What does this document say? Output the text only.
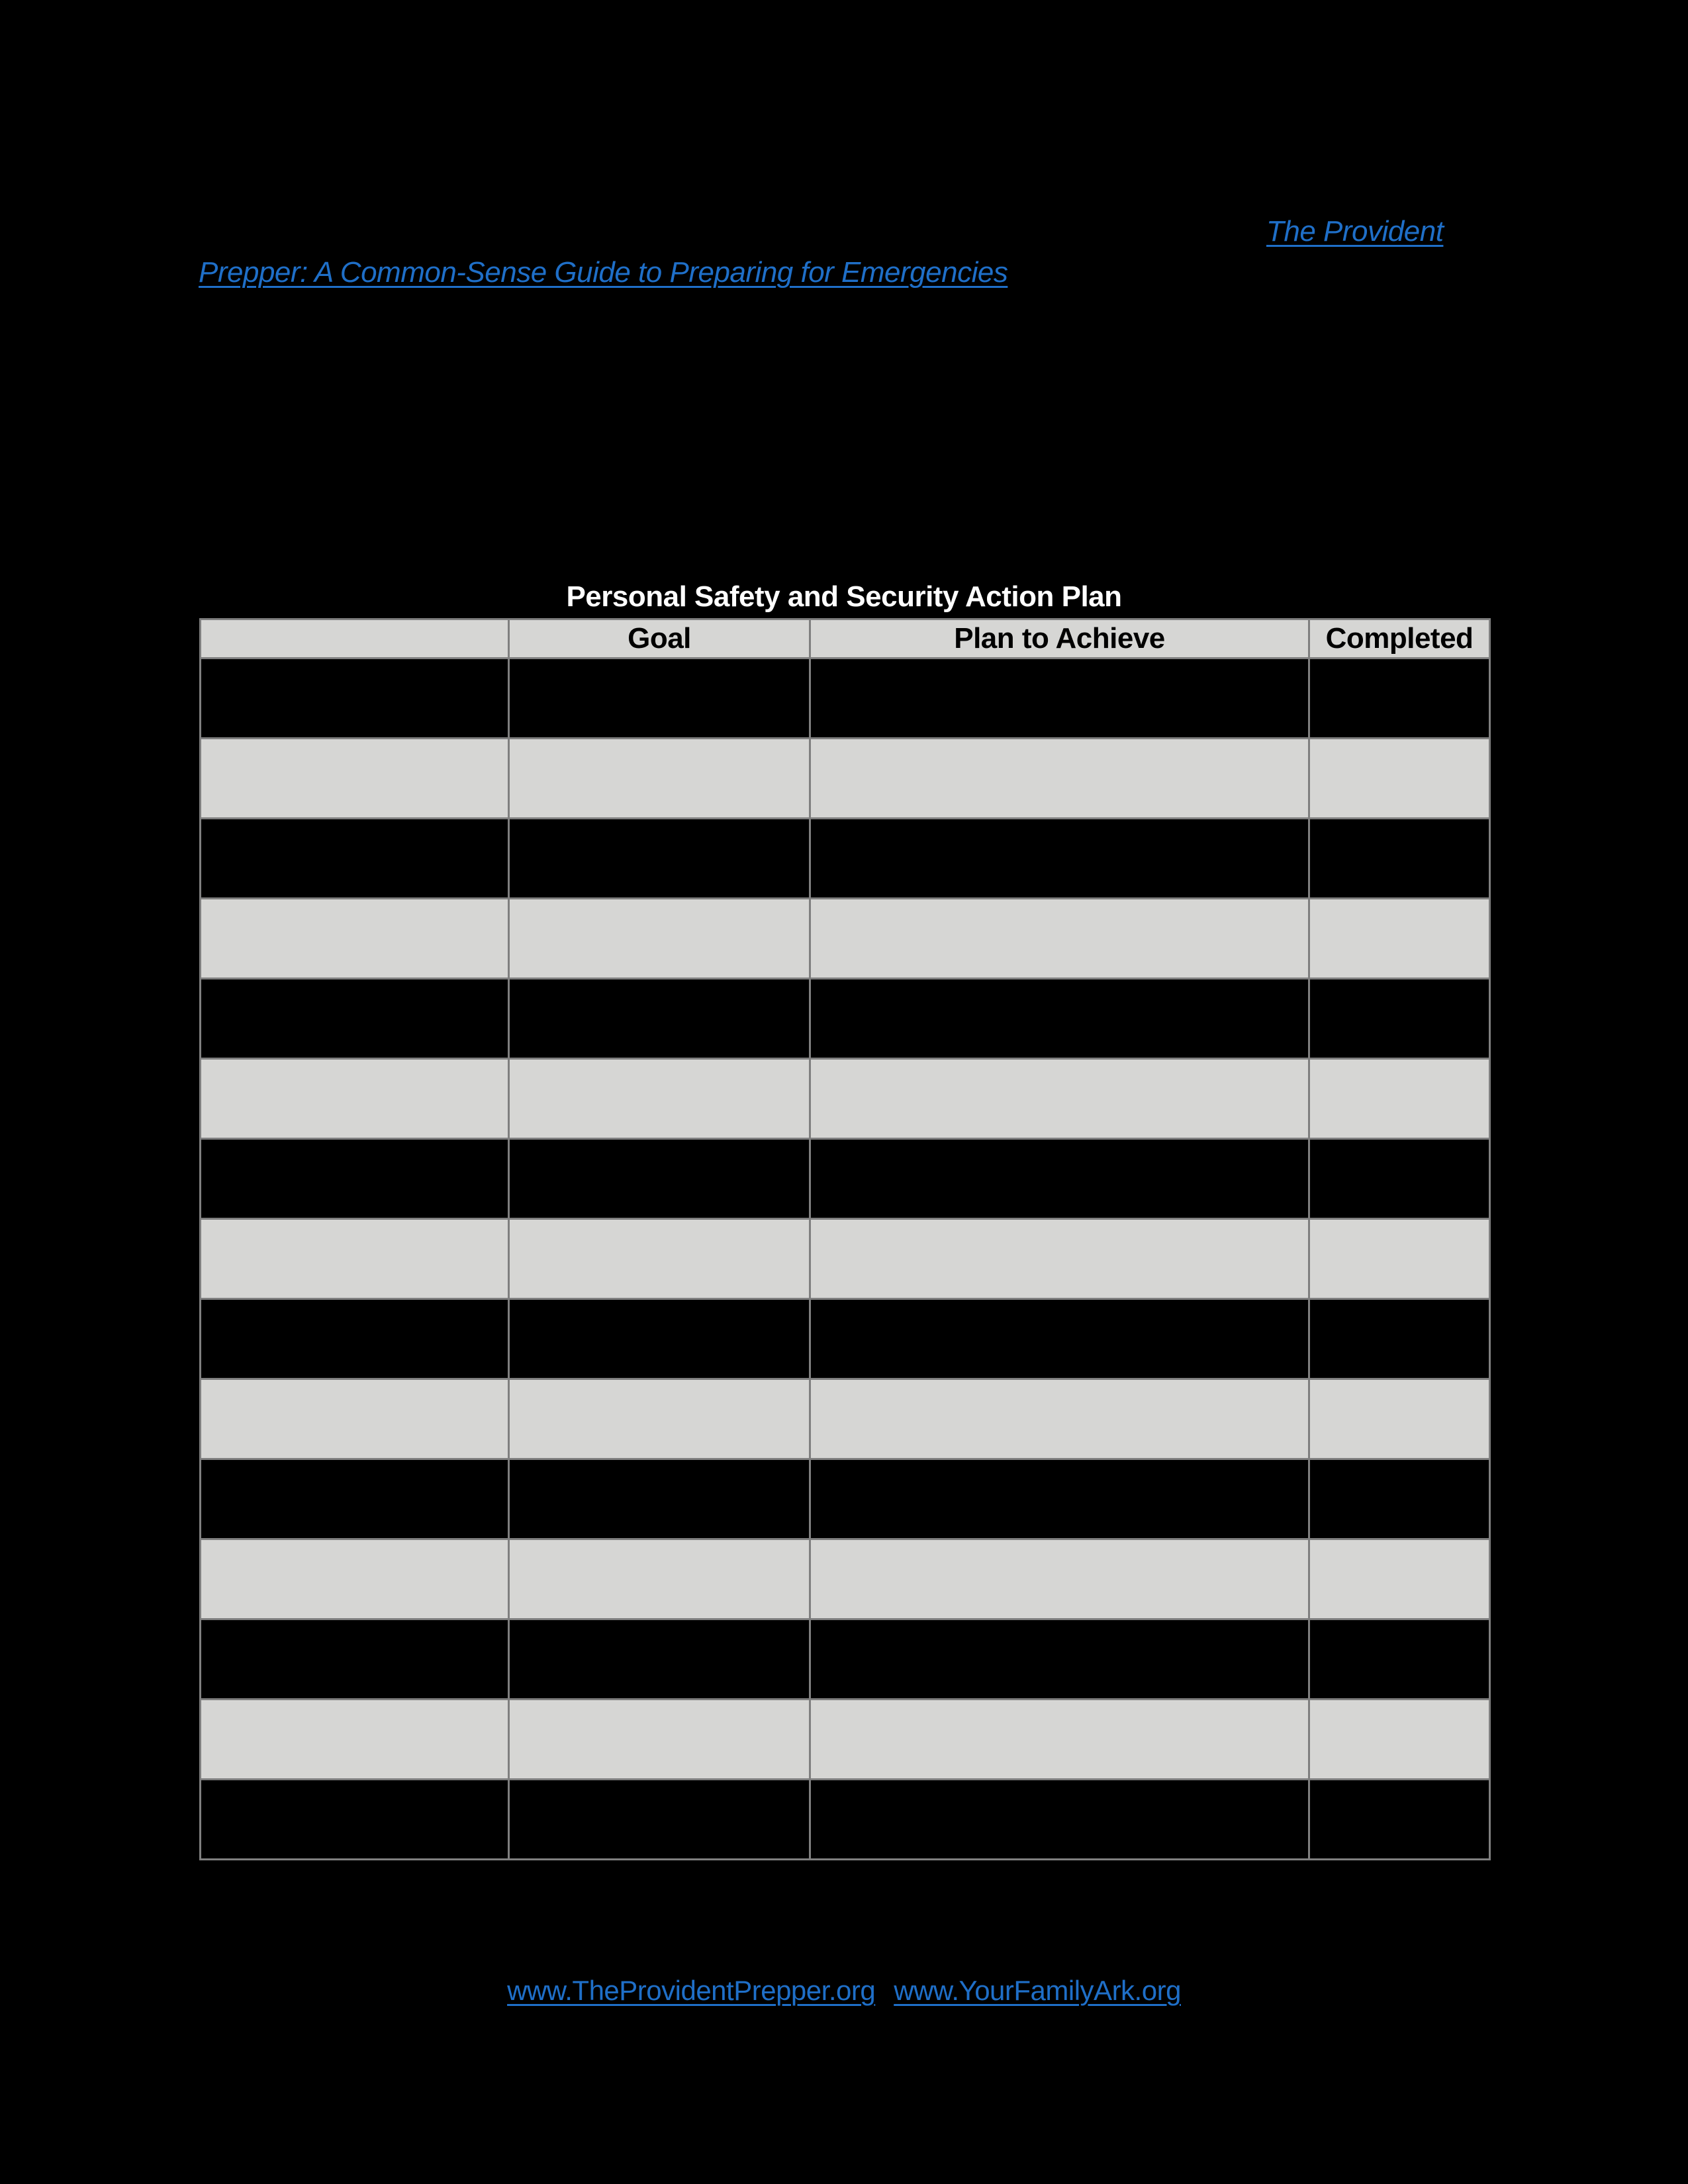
The Provident
Prepper: A Common-Sense Guide to Preparing for Emergencies
Personal Safety and Security Action Plan
	Goal	Plan to Achieve	Completed

www.TheProvidentPrepper.org www.YourFamilyArk.org
